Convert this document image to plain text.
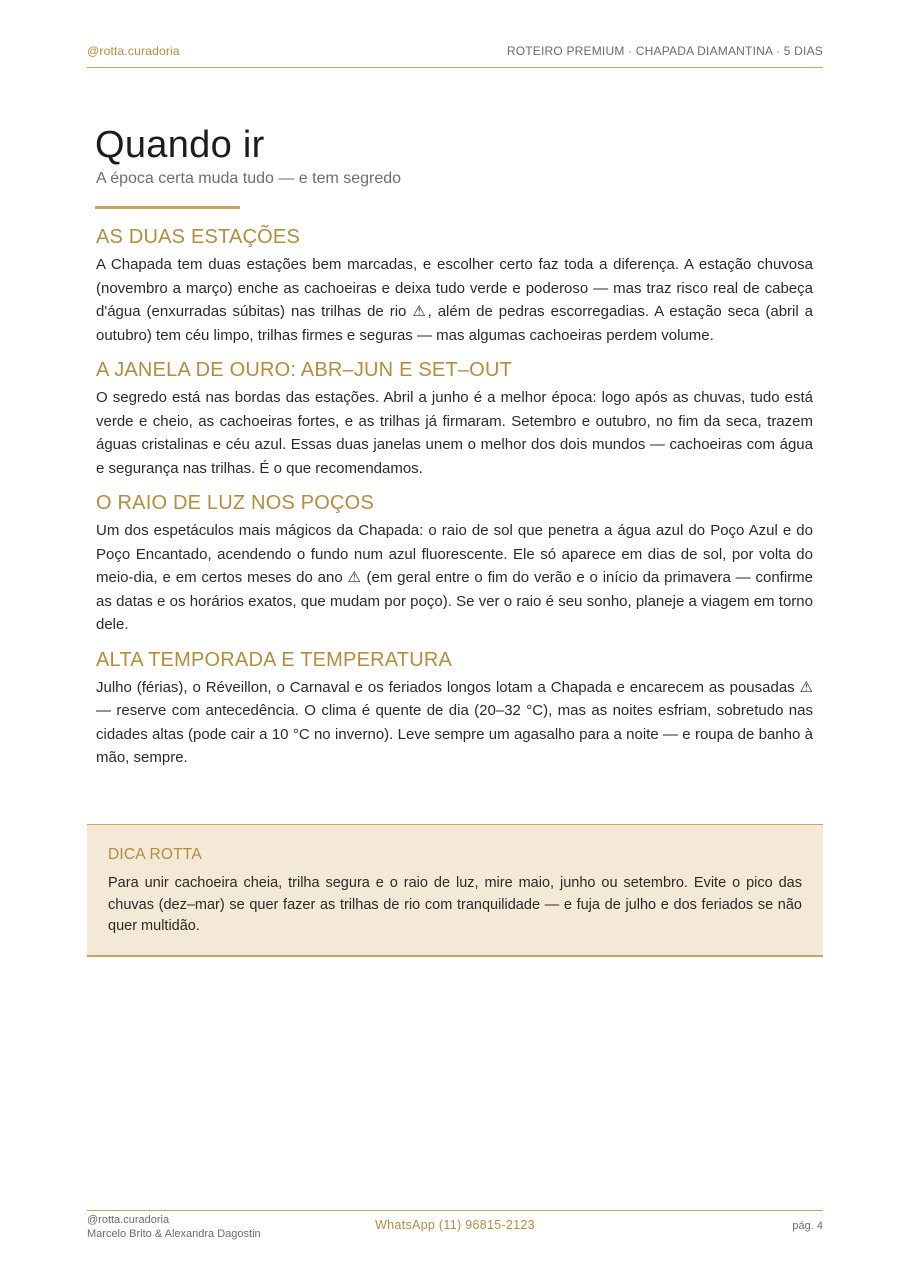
@rotta.curadoria	ROTEIRO PREMIUM · CHAPADA DIAMANTINA · 5 DIAS
Quando ir
A época certa muda tudo — e tem segredo
AS DUAS ESTAÇÕES

A Chapada tem duas estações bem marcadas, e escolher certo faz toda a diferença. A estação chuvosa (novembro a março) enche as cachoeiras e deixa tudo verde e poderoso — mas traz risco real de cabeça d'água (enxurradas súbitas) nas trilhas de rio ⚠, além de pedras escorregadias. A estação seca (abril a outubro) tem céu limpo, trilhas firmes e seguras — mas algumas cachoeiras perdem volume.

A JANELA DE OURO: ABR–JUN E SET–OUT

O segredo está nas bordas das estações. Abril a junho é a melhor época: logo após as chuvas, tudo está verde e cheio, as cachoeiras fortes, e as trilhas já firmaram. Setembro e outubro, no fim da seca, trazem águas cristalinas e céu azul. Essas duas janelas unem o melhor dos dois mundos — cachoeiras com água e segurança nas trilhas. É o que recomendamos.

O RAIO DE LUZ NOS POÇOS

Um dos espetáculos mais mágicos da Chapada: o raio de sol que penetra a água azul do Poço Azul e do Poço Encantado, acendendo o fundo num azul fluorescente. Ele só aparece em dias de sol, por volta do meio-dia, e em certos meses do ano ⚠ (em geral entre o fim do verão e o início da primavera — confirme as datas e os horários exatos, que mudam por poço). Se ver o raio é seu sonho, planeje a viagem em torno dele.

ALTA TEMPORADA E TEMPERATURA

Julho (férias), o Réveillon, o Carnaval e os feriados longos lotam a Chapada e encarecem as pousadas ⚠ — reserve com antecedência. O clima é quente de dia (20–32 °C), mas as noites esfriam, sobretudo nas cidades altas (pode cair a 10 °C no inverno). Leve sempre um agasalho para a noite — e roupa de banho à mão, sempre.

DICA ROTTA
Para unir cachoeira cheia, trilha segura e o raio de luz, mire maio, junho ou setembro. Evite o pico das chuvas (dez–mar) se quer fazer as trilhas de rio com tranquilidade — e fuja de julho e dos feriados se não quer multidão.
@rotta.curadoria
Marcelo Brito & Alexandra Dagostin
WhatsApp (11) 96815-2123	pág. 4
